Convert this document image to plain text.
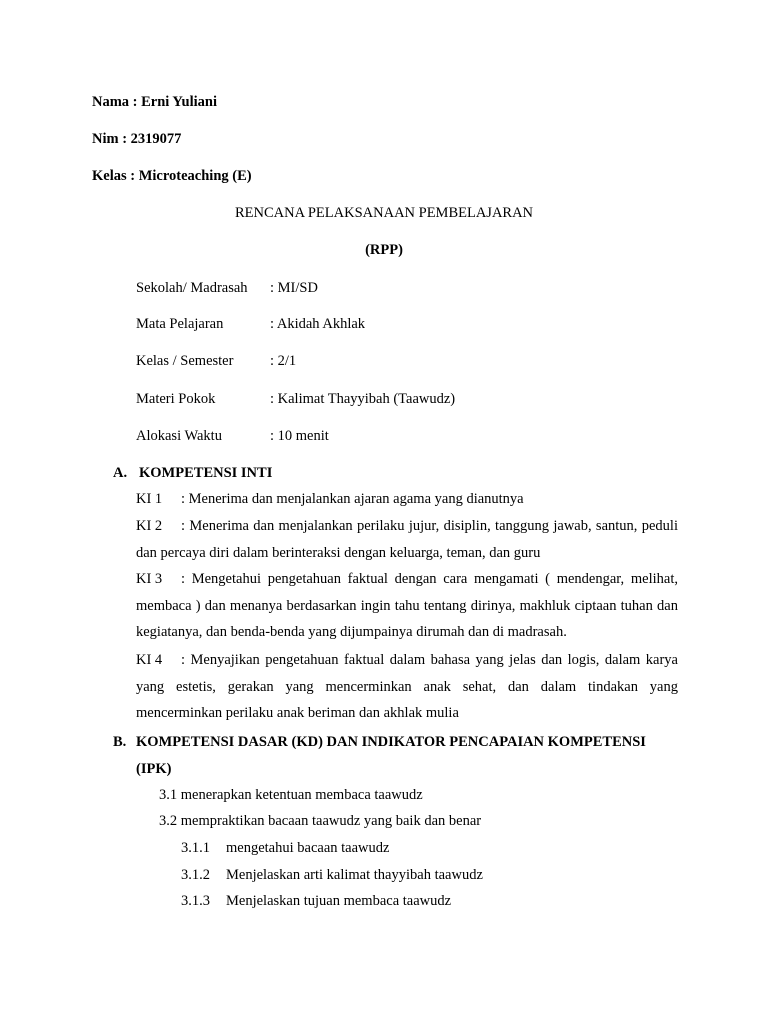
Nama : Erni Yuliani
Nim : 2319077
Kelas : Microteaching (E)
RENCANA PELAKSANAAN PEMBELAJARAN
(RPP)
Sekolah/ Madrasah : MI/SD
Mata Pelajaran	: Akidah Akhlak
Kelas / Semester	: 2/1
Materi Pokok	: Kalimat Thayyibah (Taawudz)
Alokasi Waktu	: 10 menit
A. KOMPETENSI INTI
KI 1 : Menerima dan menjalankan ajaran agama yang dianutnya
KI 2 : Menerima dan menjalankan perilaku jujur, disiplin, tanggung jawab, santun, peduli dan percaya diri dalam berinteraksi dengan keluarga, teman, dan guru
KI 3 : Mengetahui pengetahuan faktual dengan cara mengamati ( mendengar, melihat, membaca ) dan menanya berdasarkan ingin tahu tentang dirinya, makhluk ciptaan tuhan dan kegiatanya, dan benda-benda yang dijumpainya dirumah dan di madrasah.
KI 4 : Menyajikan pengetahuan faktual dalam bahasa yang jelas dan logis, dalam karya yang estetis, gerakan yang mencerminkan anak sehat, dan dalam tindakan yang mencerminkan perilaku anak beriman dan akhlak mulia
B. KOMPETENSI DASAR (KD) DAN INDIKATOR PENCAPAIAN KOMPETENSI
(IPK)
3.1 menerapkan ketentuan membaca taawudz
3.2 mempraktikan bacaan taawudz yang baik dan benar
3.1.1 mengetahui bacaan taawudz
3.1.2 Menjelaskan arti kalimat thayyibah taawudz
3.1.3 Menjelaskan tujuan membaca taawudz
